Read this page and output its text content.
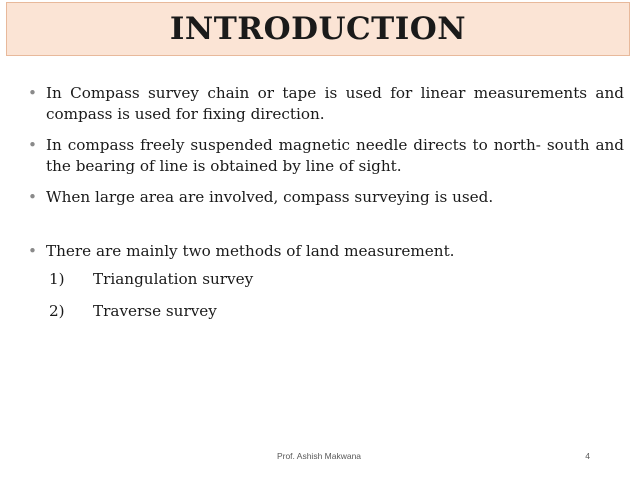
INTRODUCTION

• In Compass survey chain or tape is used for linear measurements and compass is used for fixing direction.

• In compass freely suspended magnetic needle directs to north- south and the bearing of line is obtained by line of sight.

• When large area are involved, compass surveying is used.

• There are mainly two methods of land measurement.

1)	Triangulation survey
2)	Traverse survey
Prof. Ashish Makwana	4
